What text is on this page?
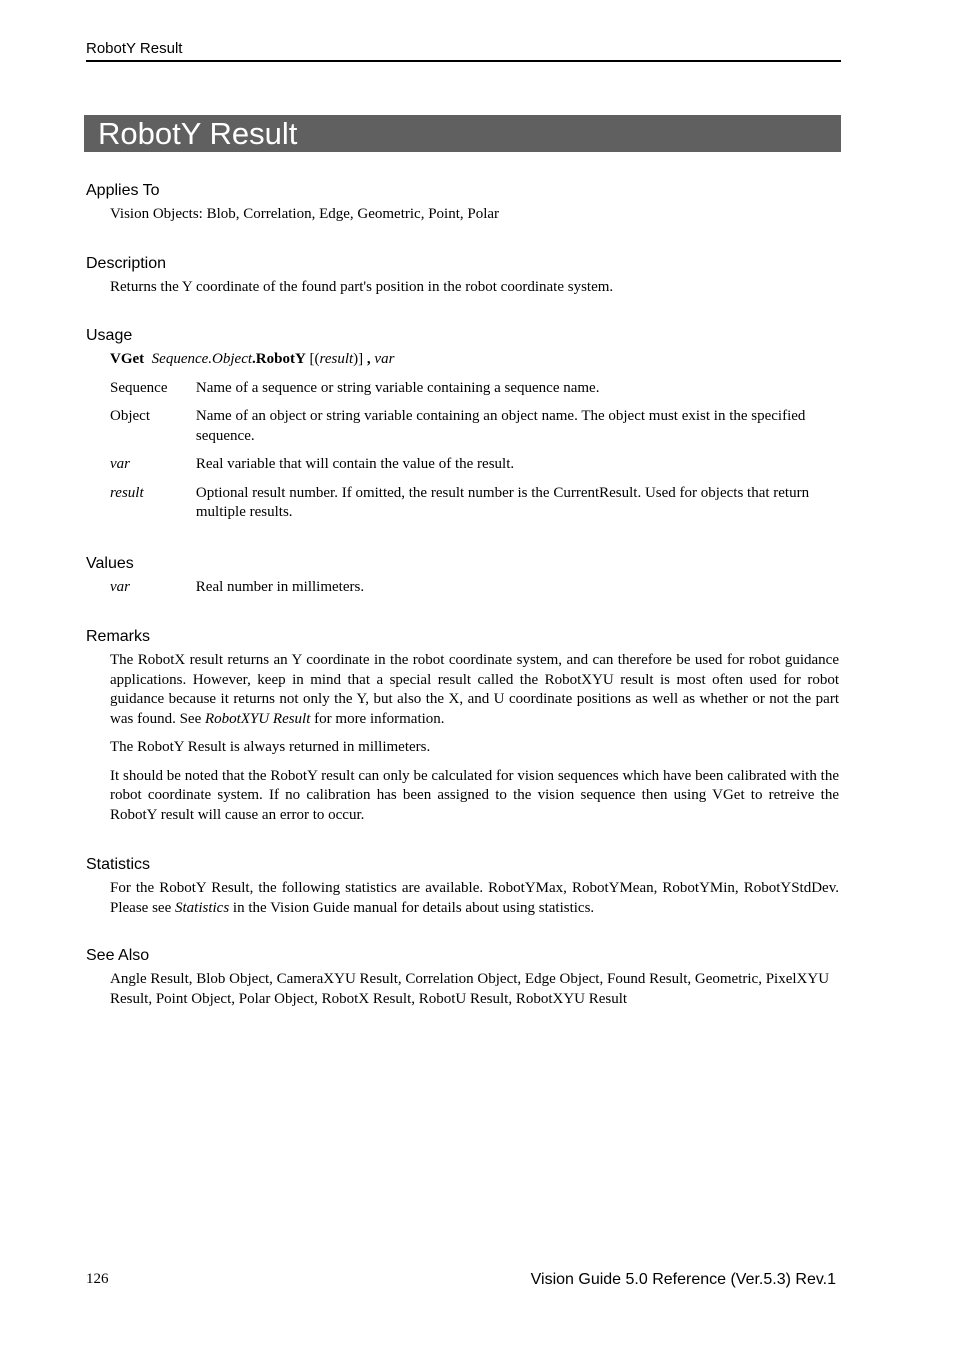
RobotY Result
RobotY Result
Applies To

Vision Objects: Blob, Correlation, Edge, Geometric, Point, Polar

Description

Returns the Y coordinate of the found part's position in the robot coordinate system.

Usage
VGet Sequence.Object.RobotY [(result)] , var
Sequence	Name of a sequence or string variable containing a sequence name.
Object	Name of an object or string variable containing an object name. The object must exist in the specified sequence.
var	Real variable that will contain the value of the result.
result	Optional result number. If omitted, the result number is the CurrentResult. Used for objects that return multiple results.
Values
var	Real number in millimeters.
Remarks

The RobotX result returns an Y coordinate in the robot coordinate system, and can therefore be used for robot guidance applications. However, keep in mind that a special result called the RobotXYU result is most often used for robot guidance because it returns not only the Y, but also the X, and U coordinate positions as well as whether or not the part was found. See RobotXYU Result for more information.

The RobotY Result is always returned in millimeters.

It should be noted that the RobotY result can only be calculated for vision sequences which have been calibrated with the robot coordinate system. If no calibration has been assigned to the vision sequence then using VGet to retreive the RobotY result will cause an error to occur.

Statistics

For the RobotY Result, the following statistics are available. RobotYMax, RobotYMean, RobotYMin, RobotYStdDev. Please see Statistics in the Vision Guide manual for details about using statistics.

See Also

Angle Result, Blob Object, CameraXYU Result, Correlation Object, Edge Object, Found Result, Geometric, PixelXYU Result, Point Object, Polar Object, RobotX Result, RobotU Result, RobotXYU Result

126	Vision Guide 5.0 Reference (Ver.5.3) Rev.1
